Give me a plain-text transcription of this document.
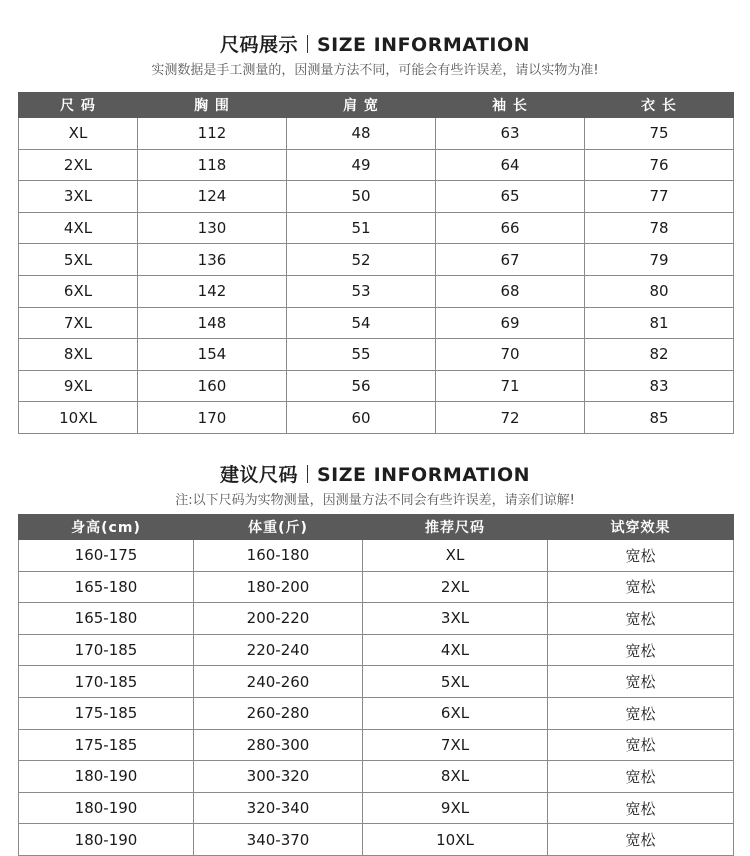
尺码展示 SIZE INFORMATION
实测数据是手工测量的，因测量方法不同，可能会有些许误差，请以实物为准!
尺 码	胸 围	肩 宽	袖 长	衣 长
XL	112	48	63	75
2XL	118	49	64	76
3XL	124	50	65	77
4XL	130	51	66	78
5XL	136	52	67	79
6XL	142	53	68	80
7XL	148	54	69	81
8XL	154	55	70	82
9XL	160	56	71	83
10XL	170	60	72	85
建议尺码 SIZE INFORMATION
注:以下尺码为实物测量，因测量方法不同会有些许误差，请亲们谅解!
身高(cm)	体重(斤)	推荐尺码	试穿效果
160-175	160-180	XL	宽松
165-180	180-200	2XL	宽松
165-180	200-220	3XL	宽松
170-185	220-240	4XL	宽松
170-185	240-260	5XL	宽松
175-185	260-280	6XL	宽松
175-185	280-300	7XL	宽松
180-190	300-320	8XL	宽松
180-190	320-340	9XL	宽松
180-190	340-370	10XL	宽松
